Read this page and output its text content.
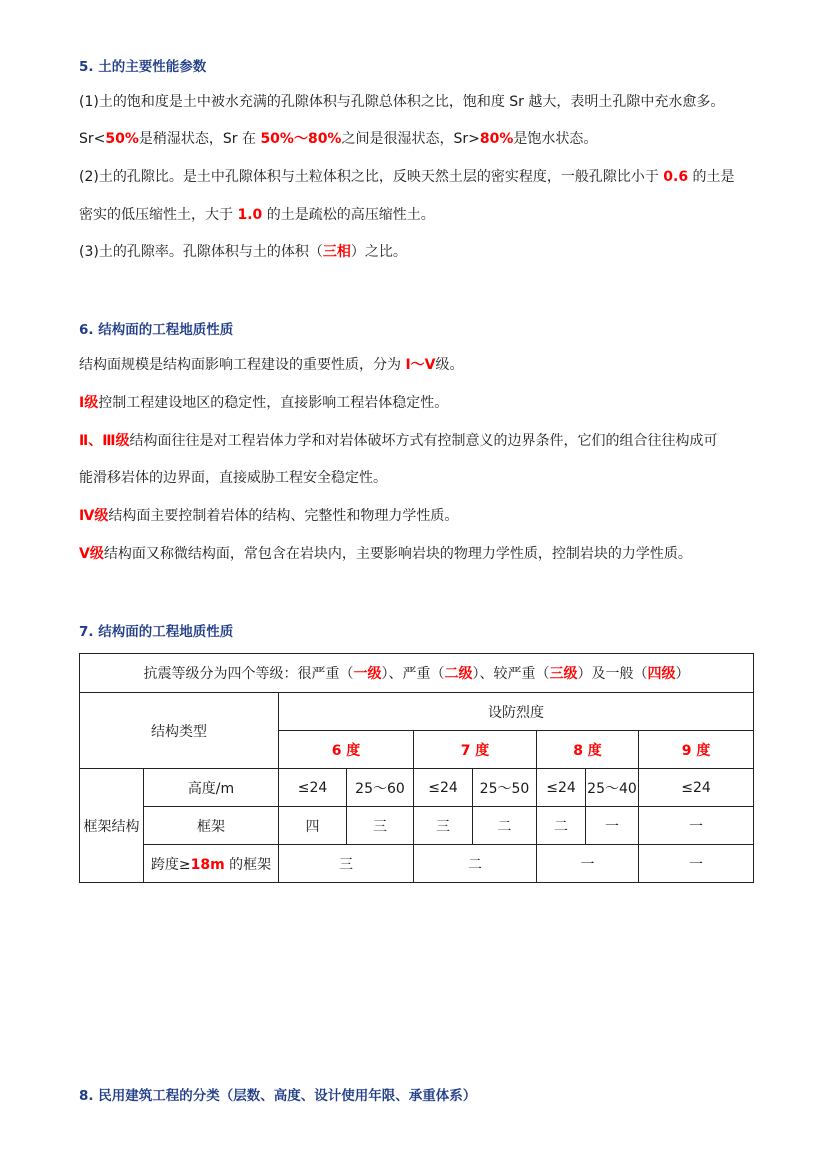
5. 土的主要性能参数
(1)土的饱和度是土中被水充满的孔隙体积与孔隙总体积之比，饱和度 Sr 越大，表明土孔隙中充水愈多。
Sr<50%是稍湿状态，Sr 在 50%～80%之间是很湿状态，Sr>80%是饱水状态。
(2)土的孔隙比。是土中孔隙体积与土粒体积之比，反映天然土层的密实程度，一般孔隙比小于 0.6 的土是
密实的低压缩性土，大于 1.0 的土是疏松的高压缩性土。
(3)土的孔隙率。孔隙体积与土的体积（三相）之比。
6. 结构面的工程地质性质
结构面规模是结构面影响工程建设的重要性质，分为 Ⅰ～Ⅴ级。
Ⅰ级控制工程建设地区的稳定性，直接影响工程岩体稳定性。
Ⅱ、Ⅲ级结构面往往是对工程岩体力学和对岩体破坏方式有控制意义的边界条件，它们的组合往往构成可
能滑移岩体的边界面，直接威胁工程安全稳定性。
Ⅳ级结构面主要控制着岩体的结构、完整性和物理力学性质。
Ⅴ级结构面又称微结构面，常包含在岩块内，主要影响岩块的物理力学性质，控制岩块的力学性质。
7. 结构面的工程地质性质
抗震等级分为四个等级：很严重（一级）、严重（二级）、较严重（三级）及一般（四级）								
结构类型		设防烈度						
		6 度		7 度		8 度		9 度
框架结构	高度/m	≤24	25～60	≤24	25～50	≤24	25～40	≤24
	框架	四	三	三	二	二	一	一
	跨度≥18m 的框架	三		二		一		一
8. 民用建筑工程的分类（层数、高度、设计使用年限、承重体系）
